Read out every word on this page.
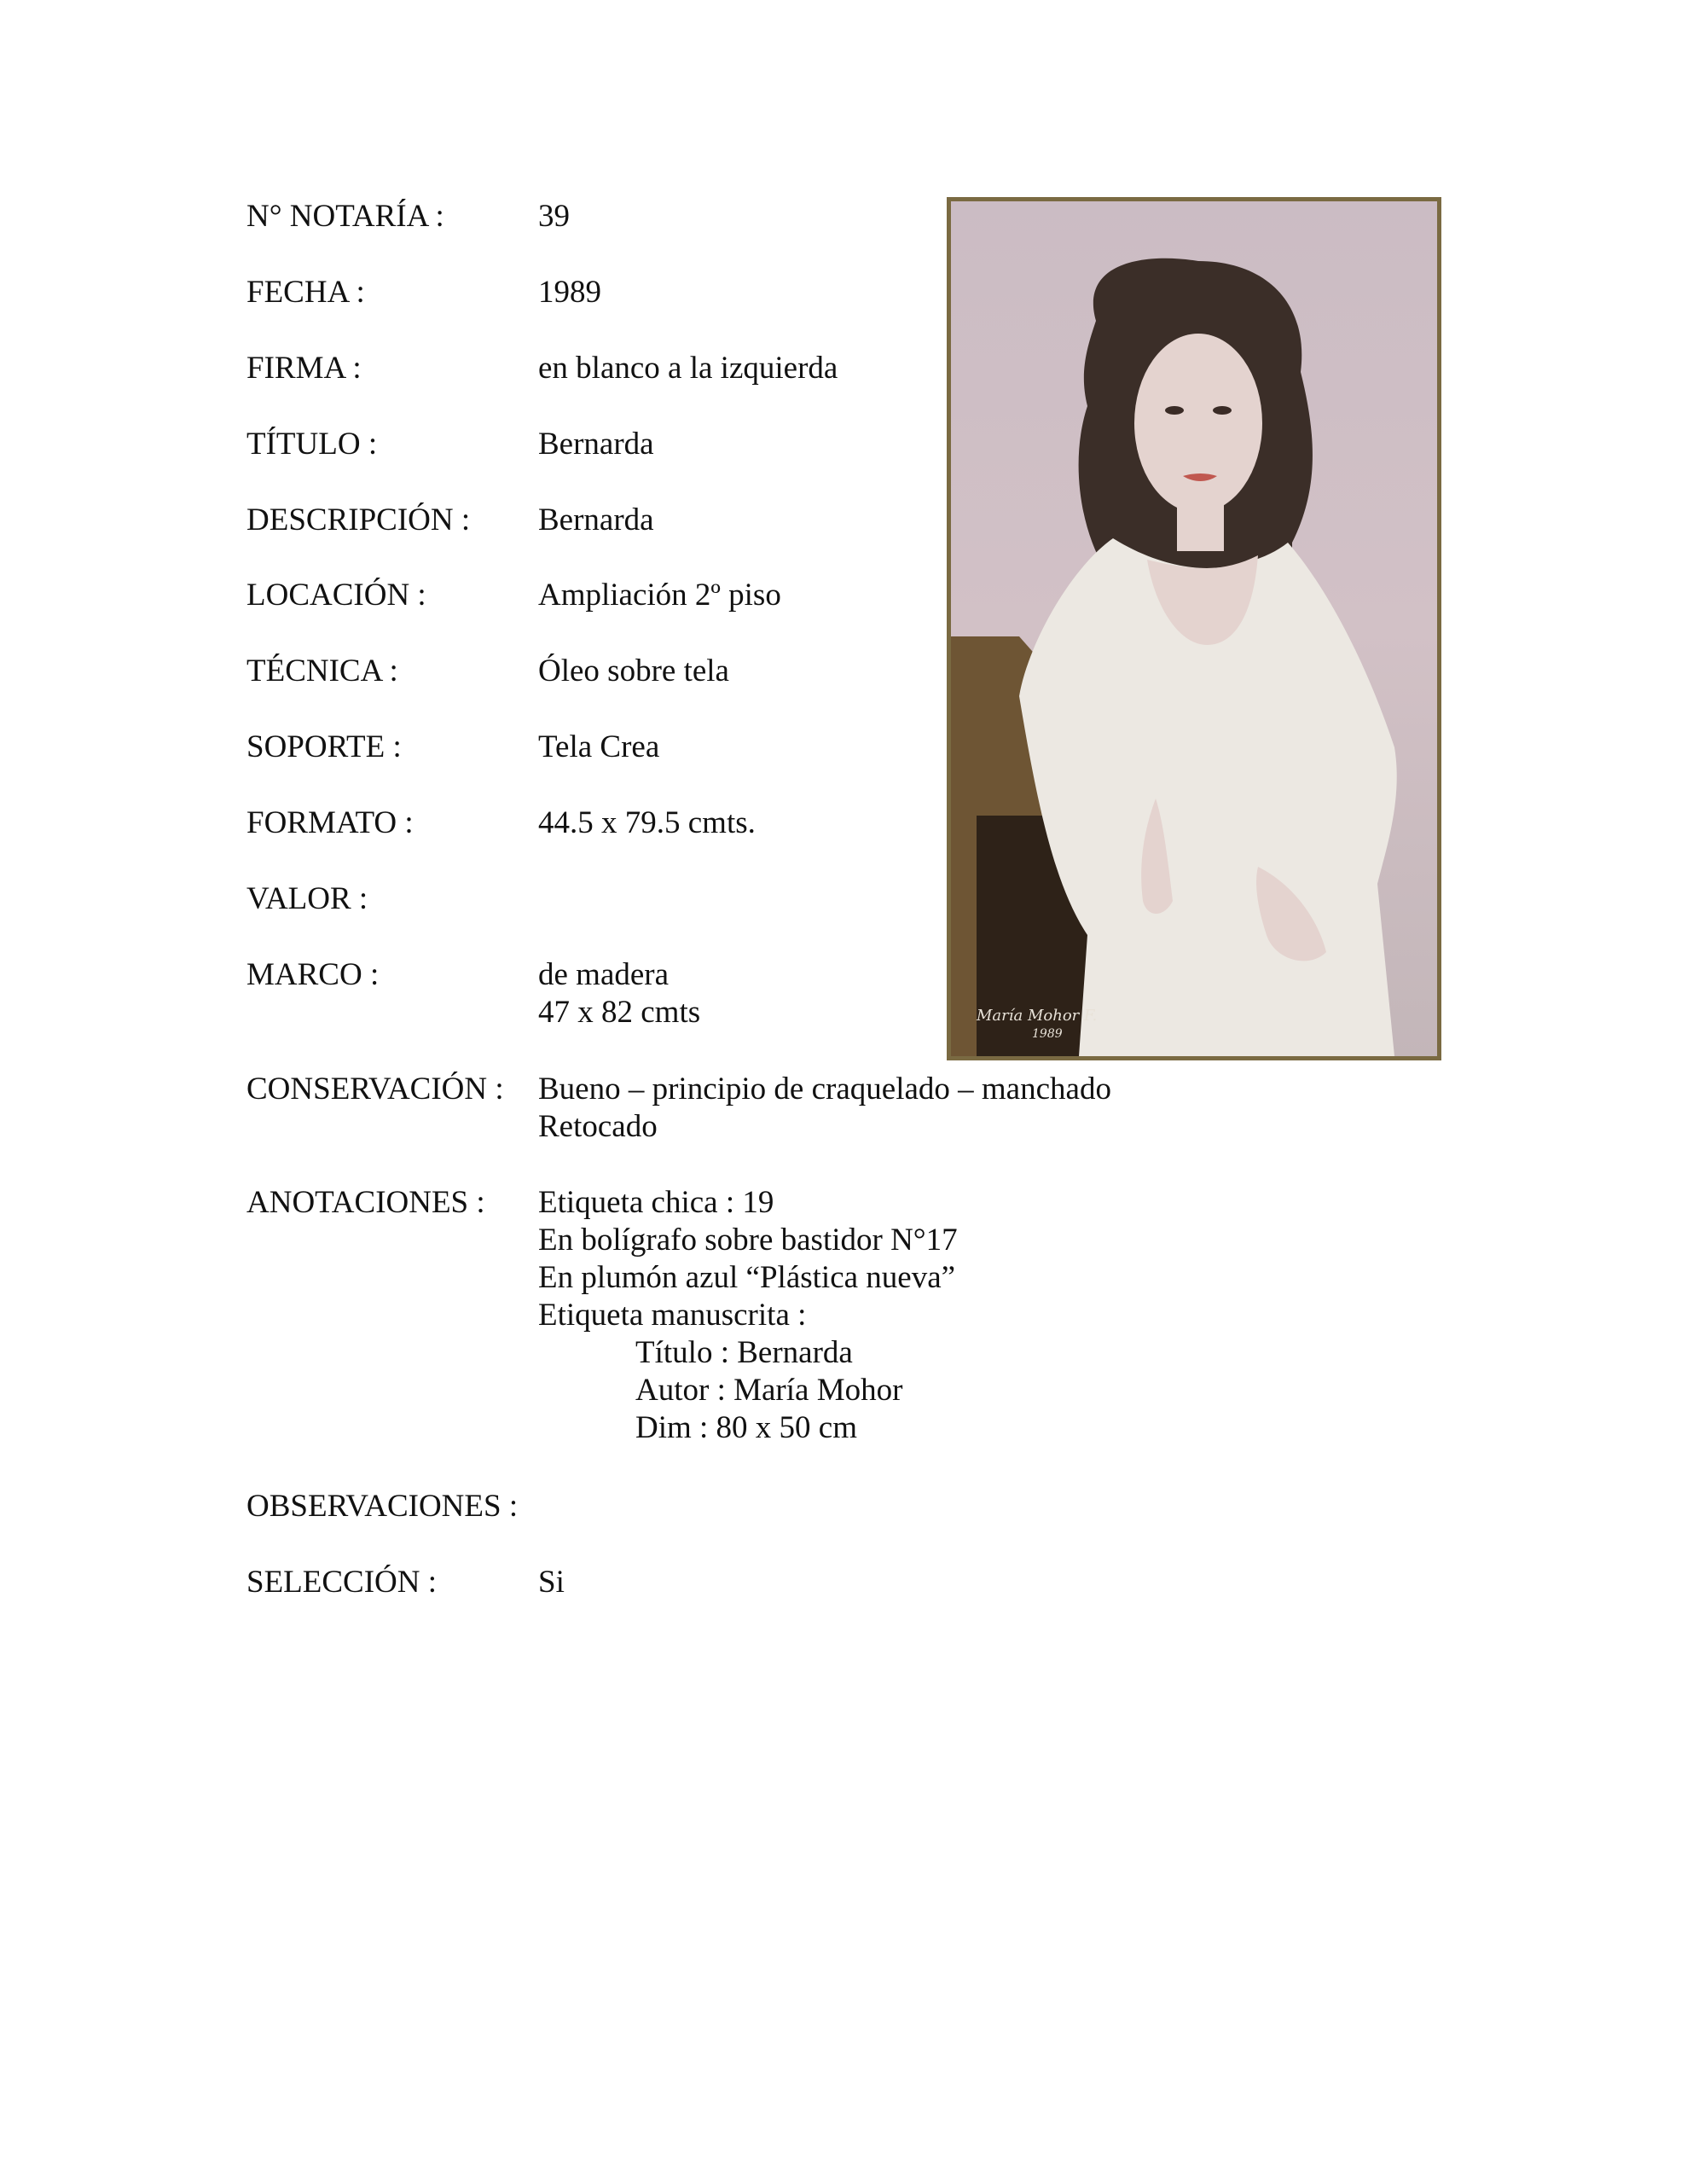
N° NOTARÍA :	39
FECHA :	1989
FIRMA :	en blanco a la izquierda
TÍTULO :	Bernarda
DESCRIPCIÓN : Bernarda
LOCACIÓN :	Ampliación 2º piso
TÉCNICA :	Óleo sobre tela
SOPORTE :	Tela Crea
FORMATO :	44.5 x 79.5 cmts.
VALOR :
MARCO :	de madera
47 x 82 cmts
CONSERVACIÓN : Bueno – principio de craquelado – manchado
Retocado
ANOTACIONES : Etiqueta chica : 19
En bolígrafo sobre bastidor N°17
En plumón azul “Plástica nueva”
Etiqueta manuscrita :
Título : Bernarda
Autor : María Mohor
Dim : 80 x 50 cm
OBSERVACIONES :
SELECCIÓN :	Si
María Mohor F.
1989
